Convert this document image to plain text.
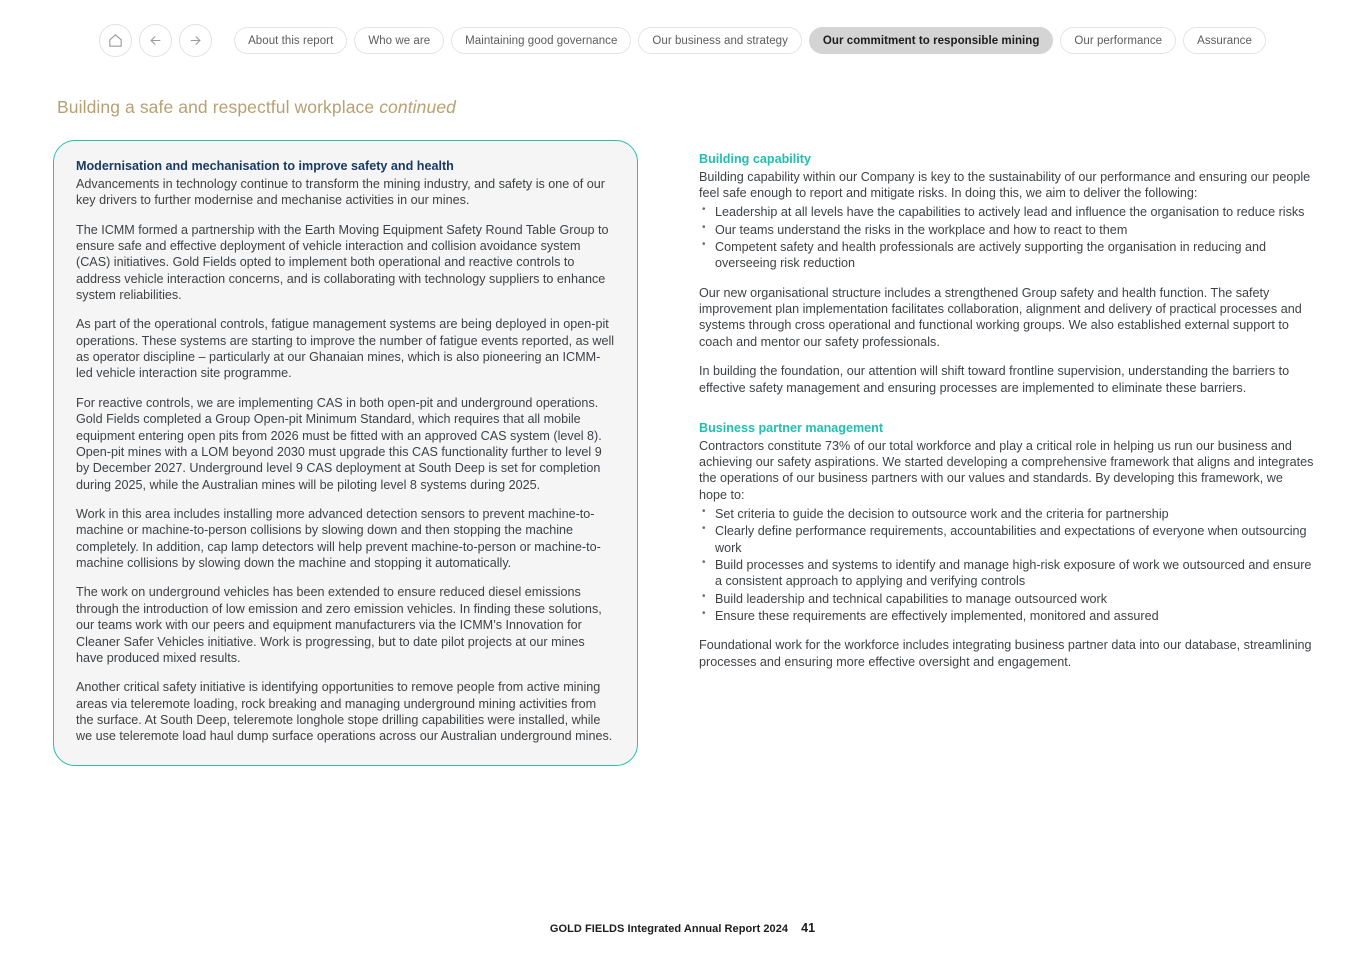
About this report	Who we are	Maintaining good governance	Our business and strategy	Our commitment to responsible mining	Our performance	Assurance
Building a safe and respectful workplace continued
Modernisation and mechanisation to improve safety and health

Advancements in technology continue to transform the mining industry, and safety is one of our key drivers to further modernise and mechanise activities in our mines.

The ICMM formed a partnership with the Earth Moving Equipment Safety Round Table Group to ensure safe and effective deployment of vehicle interaction and collision avoidance system (CAS) initiatives. Gold Fields opted to implement both operational and reactive controls to address vehicle interaction concerns, and is collaborating with technology suppliers to enhance system reliabilities.

As part of the operational controls, fatigue management systems are being deployed in open-pit operations. These systems are starting to improve the number of fatigue events reported, as well as operator discipline – particularly at our Ghanaian mines, which is also pioneering an ICMM-led vehicle interaction site programme.

For reactive controls, we are implementing CAS in both open-pit and underground operations. Gold Fields completed a Group Open-pit Minimum Standard, which requires that all mobile equipment entering open pits from 2026 must be fitted with an approved CAS system (level 8). Open-pit mines with a LOM beyond 2030 must upgrade this CAS functionality further to level 9 by December 2027. Underground level 9 CAS deployment at South Deep is set for completion during 2025, while the Australian mines will be piloting level 8 systems during 2025.

Work in this area includes installing more advanced detection sensors to prevent machine-to-machine or machine-to-person collisions by slowing down and then stopping the machine completely. In addition, cap lamp detectors will help prevent machine-to-person or machine-to-machine collisions by slowing down the machine and stopping it automatically.

The work on underground vehicles has been extended to ensure reduced diesel emissions through the introduction of low emission and zero emission vehicles. In finding these solutions, our teams work with our peers and equipment manufacturers via the ICMM’s Innovation for Cleaner Safer Vehicles initiative. Work is progressing, but to date pilot projects at our mines have produced mixed results.

Another critical safety initiative is identifying opportunities to remove people from active mining areas via teleremote loading, rock breaking and managing underground mining activities from the surface. At South Deep, teleremote longhole stope drilling capabilities were installed, while we use teleremote load haul dump surface operations across our Australian underground mines.

Building capability

Building capability within our Company is key to the sustainability of our performance and ensuring our people feel safe enough to report and mitigate risks. In doing this, we aim to deliver the following:

• Leadership at all levels have the capabilities to actively lead and influence the organisation to reduce risks
• Our teams understand the risks in the workplace and how to react to them
• Competent safety and health professionals are actively supporting the organisation in reducing and overseeing risk reduction

Our new organisational structure includes a strengthened Group safety and health function. The safety improvement plan implementation facilitates collaboration, alignment and delivery of practical processes and systems through cross operational and functional working groups. We also established external support to coach and mentor our safety professionals.

In building the foundation, our attention will shift toward frontline supervision, understanding the barriers to effective safety management and ensuring processes are implemented to eliminate these barriers.

Business partner management

Contractors constitute 73% of our total workforce and play a critical role in helping us run our business and achieving our safety aspirations. We started developing a comprehensive framework that aligns and integrates the operations of our business partners with our values and standards. By developing this framework, we hope to:

• Set criteria to guide the decision to outsource work and the criteria for partnership
• Clearly define performance requirements, accountabilities and expectations of everyone when outsourcing work
• Build processes and systems to identify and manage high-risk exposure of work we outsourced and ensure a consistent approach to applying and verifying controls
• Build leadership and technical capabilities to manage outsourced work
• Ensure these requirements are effectively implemented, monitored and assured

Foundational work for the workforce includes integrating business partner data into our database, streamlining processes and ensuring more effective oversight and engagement.

GOLD FIELDS Integrated Annual Report 2024 41
